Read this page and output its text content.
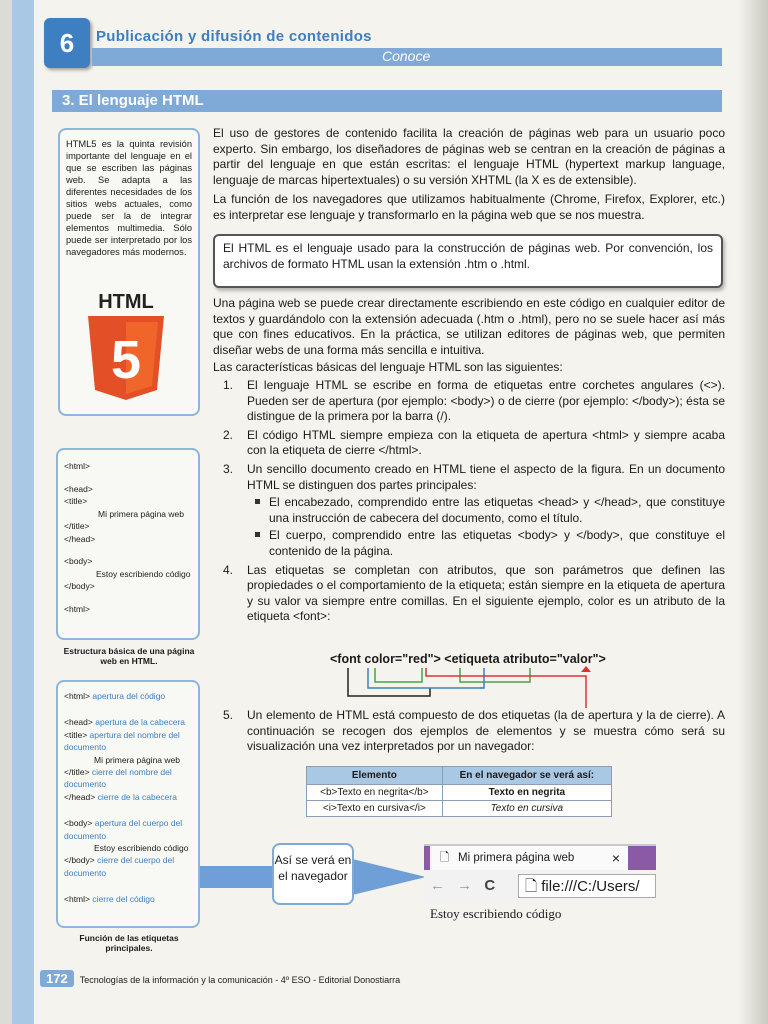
6	Publicación y difusión de contenidos
Conoce
3. El lenguaje HTML
HTML5 es la quinta revisión importante del lenguaje en el que se escriben las páginas web. Se adapta a las diferentes necesidades de los sitios webs actuales, como puede ser la de integrar elementos multimedia. Sólo puede ser interpretado por los navegadores más modernos.
HTML
5
<html>
<head>
<title>
Mi primera página web
</title>
</head>
<body>
Estoy escribiendo código
</body>
<html>
Estructura básica de una página web en HTML.
<html> apertura del código
<head> apertura de la cabecera
<title> apertura del nombre del documento
Mi primera página web
</title> cierre del nombre del documento
</head> cierre de la cabecera
<body> apertura del cuerpo del documento
Estoy escribiendo código
</body> cierre del cuerpo del documento
<html> cierre del código
Función de las etiquetas principales.

El uso de gestores de contenido facilita la creación de páginas web para un usuario poco experto. Sin embargo, los diseñadores de páginas web se centran en la creación de páginas a partir del lenguaje en que están escritas: el lenguaje HTML (hypertext markup language, lenguaje de marcas hipertextuales) o su versión XHTML (la X es de extensible).

La función de los navegadores que utilizamos habitualmente (Chrome, Firefox, Explorer, etc.) es interpretar ese lenguaje y transformarlo en la página web que se nos muestra.

El HTML es el lenguaje usado para la construcción de páginas web. Por convención, los archivos de formato HTML usan la extensión .htm o .html.

Una página web se puede crear directamente escribiendo en este código en cualquier editor de textos y guardándolo con la extensión adecuada (.htm o .html), pero no se suele hacer así más que con fines educativos. En la práctica, se utilizan editores de páginas web, que permiten diseñar webs de una forma más sencilla e intuitiva.

Las características básicas del lenguaje HTML son las siguientes:

1. El lenguaje HTML se escribe en forma de etiquetas entre corchetes angulares (<>). Pueden ser de apertura (por ejemplo: <body>) o de cierre (por ejemplo: </body>); ésta se distingue de la primera por la barra (/).
2. El código HTML siempre empieza con la etiqueta de apertura <html> y siempre acaba con la etiqueta de cierre </html>.
3. Un sencillo documento creado en HTML tiene el aspecto de la figura. En un documento HTML se distinguen dos partes principales:
El encabezado, comprendido entre las etiquetas <head> y </head>, que constituye una instrucción de cabecera del documento, como el título.
El cuerpo, comprendido entre las etiquetas <body> y </body>, que constituye el contenido de la página.
4. Las etiquetas se completan con atributos, que son parámetros que definen las propiedades o el comportamiento de la etiqueta; están siempre en la etiqueta de apertura y su valor va siempre entre comillas. En el siguiente ejemplo, color es un atributo de la etiqueta <font>:
<font color="red"> <etiqueta atributo="valor">
5. Un elemento de HTML está compuesto de dos etiquetas (la de apertura y la de cierre). A continuación se recogen dos ejemplos de elementos y se muestra cómo será su visualización una vez interpretados por un navegador:
Elemento	En el navegador se verá así:
<b>Texto en negrita</b>	Texto en negrita
<i>Texto en cursiva</i>	Texto en cursiva
Así se verá en el navegador
🗋 Mi primera página web	×
← → C	🗋 file:///C:/Users/
Estoy escribiendo código
172 Tecnologías de la información y la comunicación - 4º ESO - Editorial Donostiarra
